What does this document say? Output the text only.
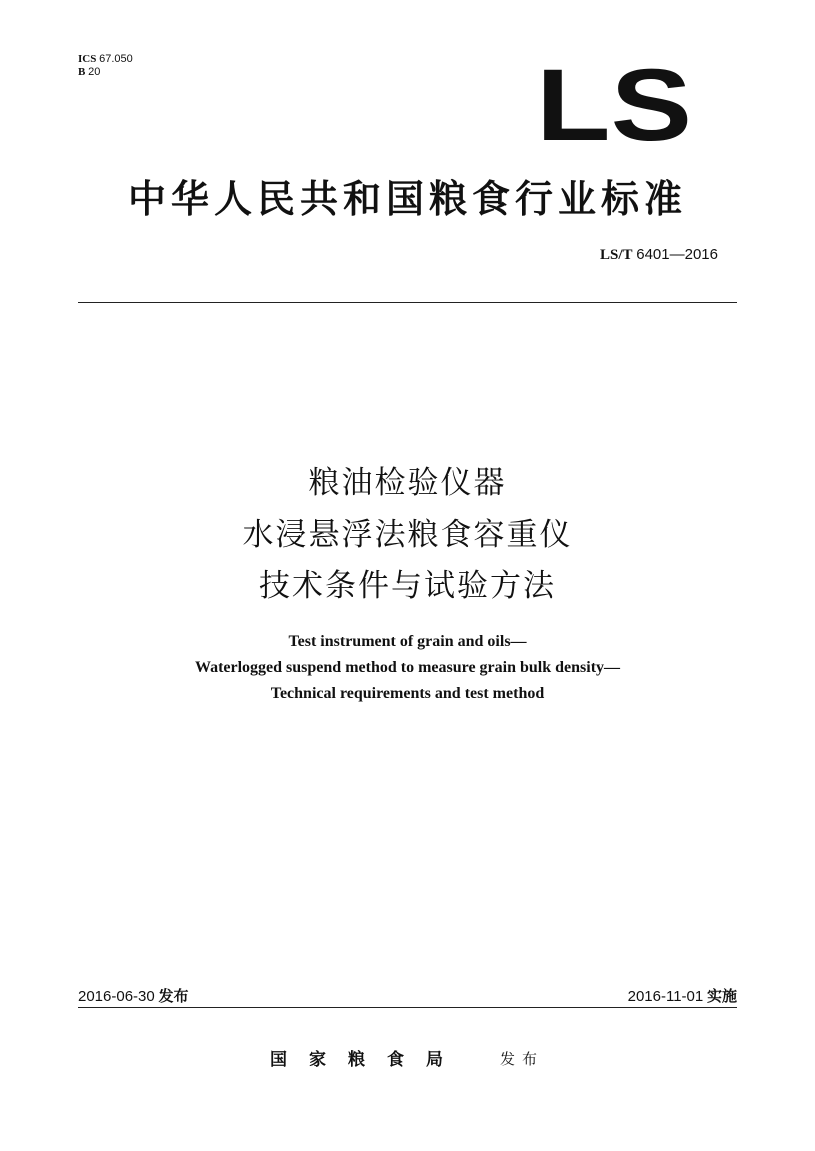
ICS 67.050
B 20	LS
中华人民共和国粮食行业标准
LS/T 6401—2016
粮油检验仪器
水浸悬浮法粮食容重仪
技术条件与试验方法
Test instrument of grain and oils—
Waterlogged suspend method to measure grain bulk density—
Technical requirements and test method
2016-06-30 发布	2016-11-01 实施
国家粮食局 发布
